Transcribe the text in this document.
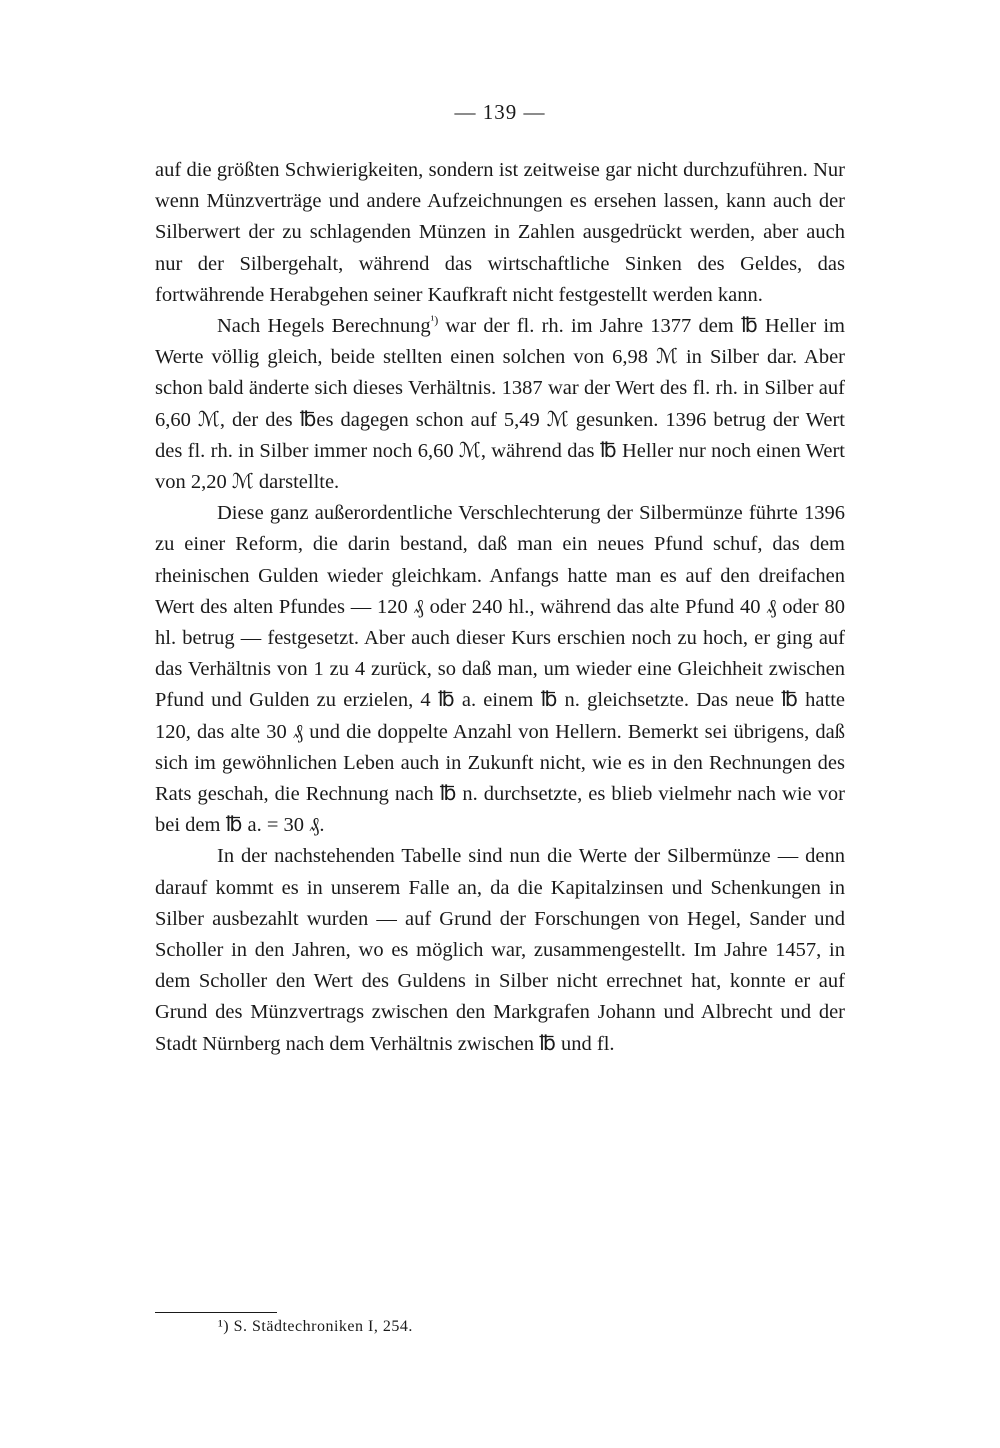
— 139 —

auf die größten Schwierigkeiten, sondern ist zeitweise gar nicht durchzuführen. Nur wenn Münzverträge und andere Aufzeichnungen es ersehen lassen, kann auch der Silberwert der zu schlagenden Münzen in Zahlen ausgedrückt werden, aber auch nur der Silbergehalt, während das wirtschaftliche Sinken des Geldes, das fortwährende Herabgehen seiner Kaufkraft nicht festgestellt werden kann.

Nach Hegels Berechnung$^{^1)}$ war der fl. rh. im Jahre 1377 dem ℔ Heller im Werte völlig gleich, beide stellten einen solchen von 6,98 ℳ in Silber dar. Aber schon bald änderte sich dieses Verhältnis. 1387 war der Wert des fl. rh. in Silber auf 6,60 ℳ, der des ℔es dagegen schon auf 5,49 ℳ gesunken. 1396 betrug der Wert des fl. rh. in Silber immer noch 6,60 ℳ, während das ℔ Heller nur noch einen Wert von 2,20 ℳ darstellte.

Diese ganz außerordentliche Verschlechterung der Silbermünze führte 1396 zu einer Reform, die darin bestand, daß man ein neues Pfund schuf, das dem rheinischen Gulden wieder gleichkam. Anfangs hatte man es auf den dreifachen Wert des alten Pfundes — 120 ₰ oder 240 hl., während das alte Pfund 40 ₰ oder 80 hl. betrug — festgesetzt. Aber auch dieser Kurs erschien noch zu hoch, er ging auf das Verhältnis von 1 zu 4 zurück, so daß man, um wieder eine Gleichheit zwischen Pfund und Gulden zu erzielen, 4 ℔ a. einem ℔ n. gleichsetzte. Das neue ℔ hatte 120, das alte 30 ₰ und die doppelte Anzahl von Hellern. Bemerkt sei übrigens, daß sich im gewöhnlichen Leben auch in Zukunft nicht, wie es in den Rechnungen des Rats geschah, die Rechnung nach ℔ n. durchsetzte, es blieb vielmehr nach wie vor bei dem ℔ a. = 30 ₰.

In der nachstehenden Tabelle sind nun die Werte der Silbermünze — denn darauf kommt es in unserem Falle an, da die Kapitalzinsen und Schenkungen in Silber ausbezahlt wurden — auf Grund der Forschungen von Hegel, Sander und Scholler in den Jahren, wo es möglich war, zusammengestellt. Im Jahre 1457, in dem Scholler den Wert des Guldens in Silber nicht errechnet hat, konnte er auf Grund des Münzvertrags zwischen den Markgrafen Johann und Albrecht und der Stadt Nürnberg nach dem Verhältnis zwischen ℔ und fl.

¹) S. Städtechroniken I, 254.
